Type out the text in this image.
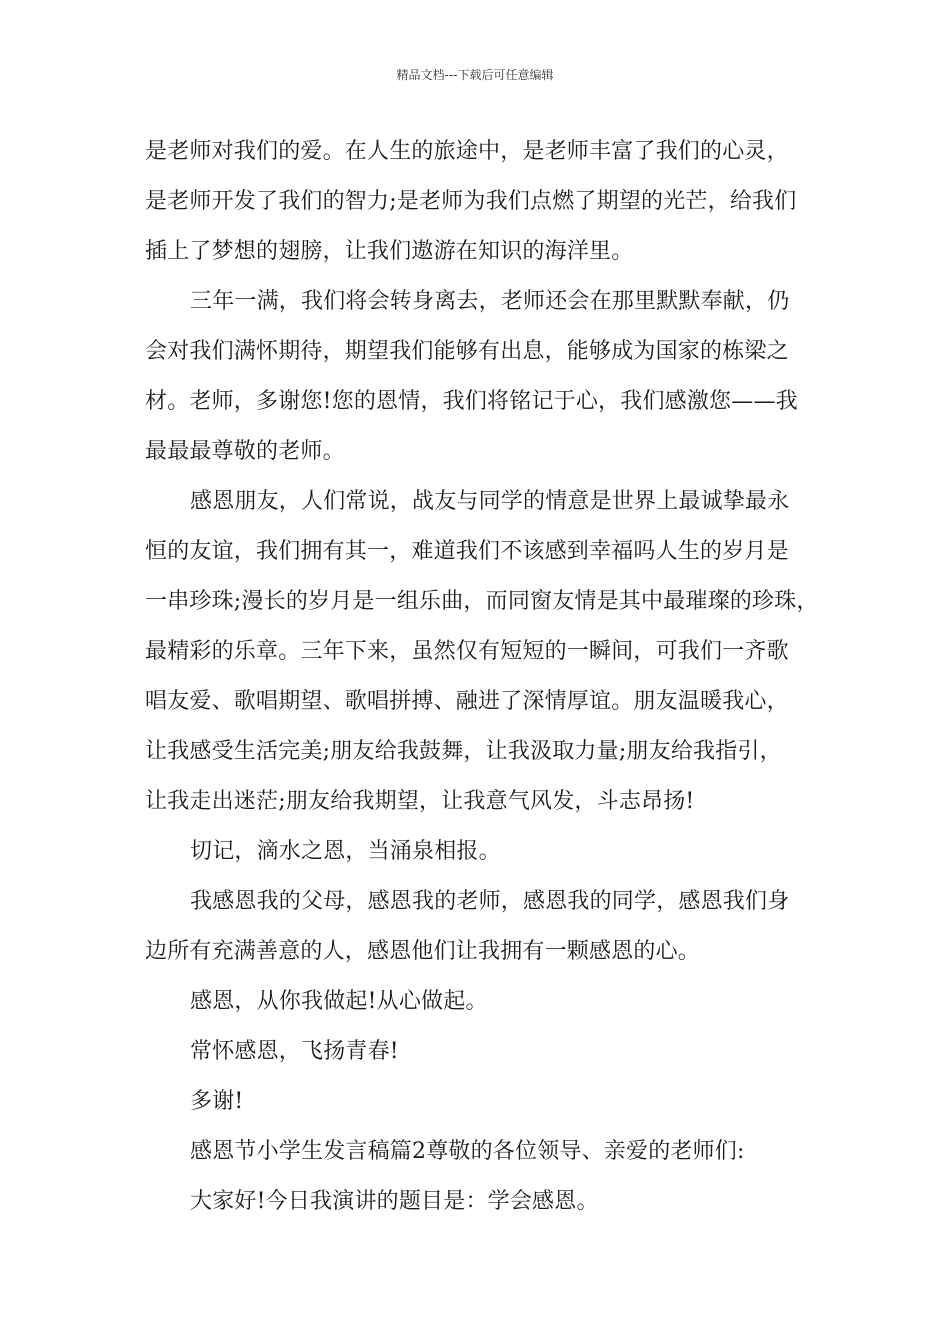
精品文档---下载后可任意编辑
是老师对我们的爱。在人生的旅途中，是老师丰富了我们的心灵，
是老师开发了我们的智力;是老师为我们点燃了期望的光芒，给我们
插上了梦想的翅膀，让我们遨游在知识的海洋里。
三年一满，我们将会转身离去，老师还会在那里默默奉献，仍
会对我们满怀期待，期望我们能够有出息，能够成为国家的栋梁之
材。老师，多谢您!您的恩情，我们将铭记于心，我们感激您——我
最最最尊敬的老师。
感恩朋友，人们常说，战友与同学的情意是世界上最诚挚最永
恒的友谊，我们拥有其一，难道我们不该感到幸福吗人生的岁月是
一串珍珠;漫长的岁月是一组乐曲，而同窗友情是其中最璀璨的珍珠，
最精彩的乐章。三年下来，虽然仅有短短的一瞬间，可我们一齐歌
唱友爱、歌唱期望、歌唱拼搏、融进了深情厚谊。朋友温暖我心，
让我感受生活完美;朋友给我鼓舞，让我汲取力量;朋友给我指引，
让我走出迷茫;朋友给我期望，让我意气风发，斗志昂扬!
切记，滴水之恩，当涌泉相报。
我感恩我的父母，感恩我的老师，感恩我的同学，感恩我们身
边所有充满善意的人，感恩他们让我拥有一颗感恩的心。
感恩，从你我做起!从心做起。
常怀感恩，飞扬青春!
多谢!
感恩节小学生发言稿篇2尊敬的各位领导、亲爱的老师们:
大家好!今日我演讲的题目是：学会感恩。
